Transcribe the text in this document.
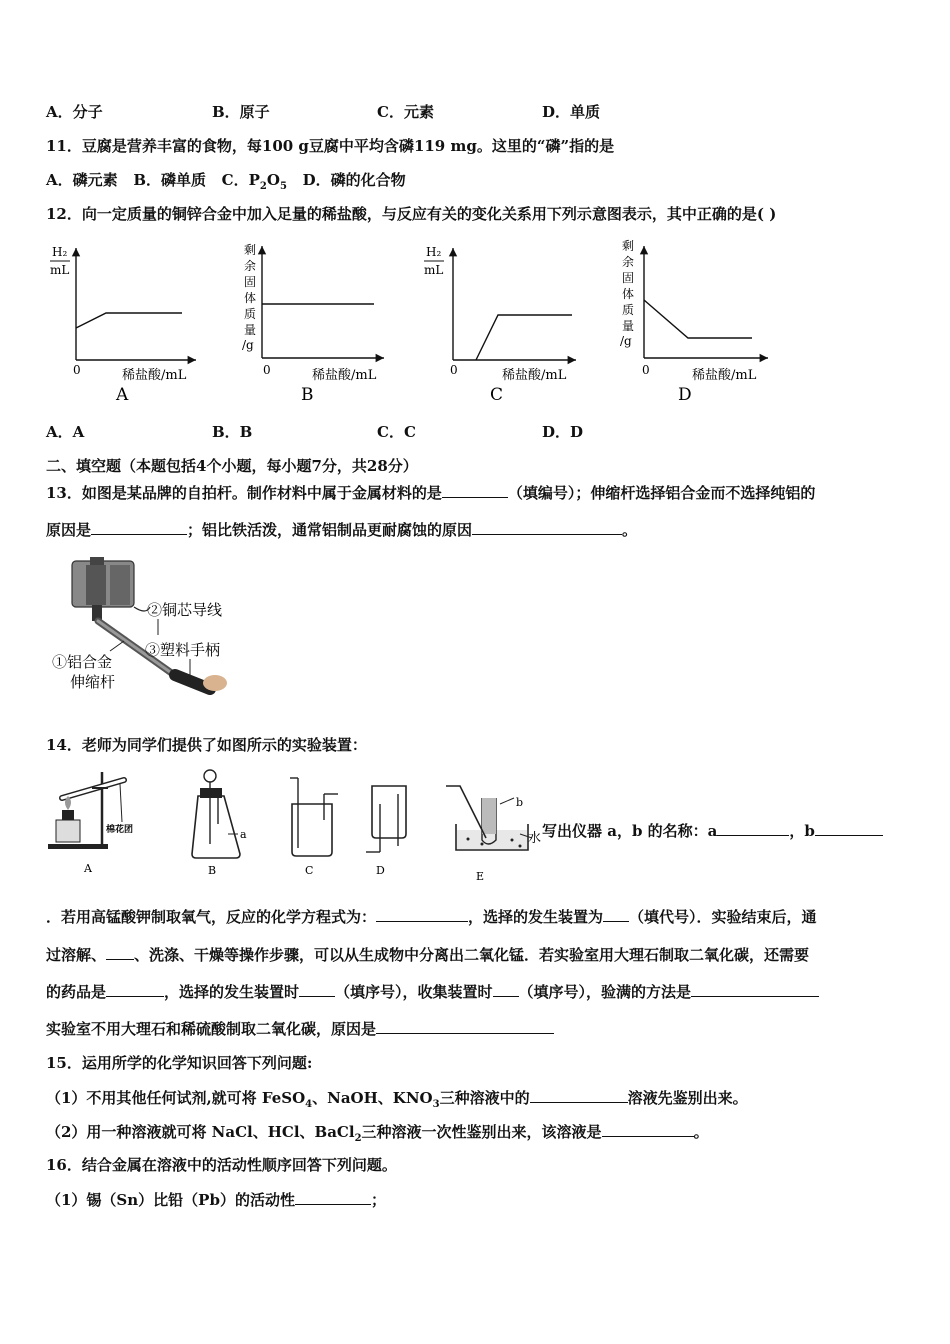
A．分子	B．原子	C．元素	D．单质
11．豆腐是营养丰富的食物，每100 g豆腐中平均含磷119 mg。这里的“磷”指的是
A．磷元素 B．磷单质 C．$P_2O_5$ D．磷的化合物
12．向一定质量的铜锌合金中加入足量的稀盐酸，与反应有关的变化关系用下列示意图表示，其中正确的是( )
H₂
mL
0	稀盐酸/mL
A
剩
余
固
体
质
量
/g
0	稀盐酸/mL
B
H₂
mL
0	稀盐酸/mL
C
剩
余
固
体
质
量
/g
0	稀盐酸/mL
D
A．A	B．B	C．C	D．D
二、填空题（本题包括4个小题，每小题7分，共28分）
13．如图是某品牌的自拍杆。制作材料中属于金属材料的是	（填编号）；伸缩杆选择铝合金而不选择纯铝的
原因是	；铝比铁活泼，通常铝制品更耐腐蚀的原因	。
②铜芯导线
③塑料手柄
①铝合金
伸缩杆
14．老师为同学们提供了如图所示的实验装置：
棉花团
A
a
B	C	D
b
水
E
写出仪器 a，b 的名称：a	，b
．若用高锰酸钾制取氧气，反应的化学方程式为：	，选择的发生装置为 （填代号）．实验结束后，通
过溶解、 、洗涤、干燥等操作步骤，可以从生成物中分离出二氧化锰．若实验室用大理石制取二氧化碳，还需要
的药品是	，选择的发生装置时 （填序号），收集装置时 （填序号），验满的方法是
实验室不用大理石和稀硫酸制取二氧化碳，原因是
15．运用所学的化学知识回答下列问题:
（1）不用其他任何试剂,就可将 FeSO$_4$、NaOH、$KNO_3$三种溶液中的	溶液先鉴别出来。
（2）用一种溶液就可将 NaCl、HCl、BaCl$_2$三种溶液一次性鉴别出来，该溶液是	。
16．结合金属在溶液中的活动性顺序回答下列问题。
（1）锡（Sn）比铅（Pb）的活动性	；
